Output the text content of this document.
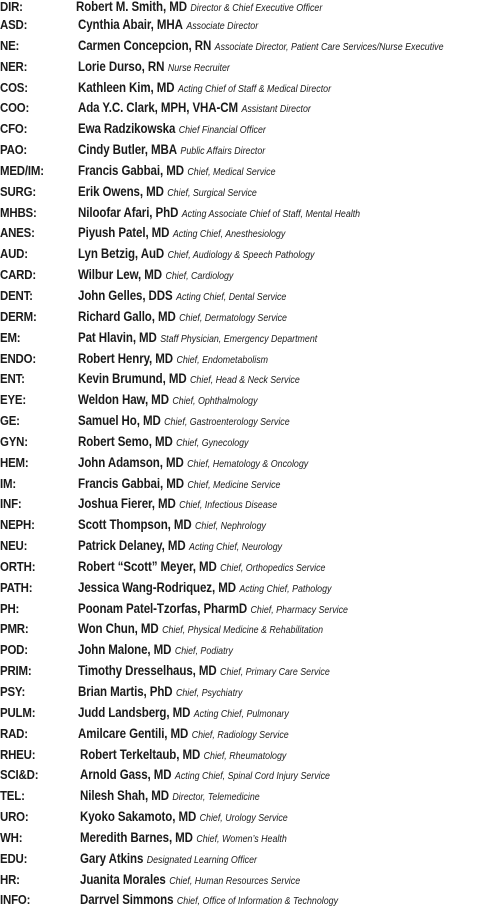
DIR:	Robert M. Smith, MD Director & Chief Executive Officer
ASD:	Cynthia Abair, MHA Associate Director
NE:	Carmen Concepcion, RN Associate Director, Patient Care Services/Nurse Executive
NER:	Lorie Durso, RN Nurse Recruiter
COS:	Kathleen Kim, MD Acting Chief of Staff & Medical Director
COO:	Ada Y.C. Clark, MPH, VHA-CM Assistant Director
CFO:	Ewa Radzikowska Chief Financial Officer
PAO:	Cindy Butler, MBA Public Affairs Director
MED/IM:	Francis Gabbai, MD Chief, Medical Service
SURG:	Erik Owens, MD Chief, Surgical Service
MHBS:	Niloofar Afari, PhD Acting Associate Chief of Staff, Mental Health
ANES:	Piyush Patel, MD Acting Chief, Anesthesiology
AUD:	Lyn Betzig, AuD Chief, Audiology & Speech Pathology
CARD:	Wilbur Lew, MD Chief, Cardiology
DENT:	John Gelles, DDS Acting Chief, Dental Service
DERM:	Richard Gallo, MD Chief, Dermatology Service
EM:	Pat Hlavin, MD Staff Physician, Emergency Department
ENDO:	Robert Henry, MD Chief, Endometabolism
ENT:	Kevin Brumund, MD Chief, Head & Neck Service
EYE:	Weldon Haw, MD Chief, Ophthalmology
GE:	Samuel Ho, MD Chief, Gastroenterology Service
GYN:	Robert Semo, MD Chief, Gynecology
HEM:	John Adamson, MD Chief, Hematology & Oncology
IM:	Francis Gabbai, MD Chief, Medicine Service
INF:	Joshua Fierer, MD Chief, Infectious Disease
NEPH:	Scott Thompson, MD Chief, Nephrology
NEU:	Patrick Delaney, MD Acting Chief, Neurology
ORTH:	Robert “Scott” Meyer, MD Chief, Orthopedics Service
PATH:	Jessica Wang-Rodriquez, MD Acting Chief, Pathology
PH:	Poonam Patel-Tzorfas, PharmD Chief, Pharmacy Service
PMR:	Won Chun, MD Chief, Physical Medicine & Rehabilitation
POD:	John Malone, MD Chief, Podiatry
PRIM:	Timothy Dresselhaus, MD Chief, Primary Care Service
PSY:	Brian Martis, PhD Chief, Psychiatry
PULM:	Judd Landsberg, MD Acting Chief, Pulmonary
RAD:	Amilcare Gentili, MD Chief, Radiology Service
RHEU:	Robert Terkeltaub, MD Chief, Rheumatology
SCI&D:	Arnold Gass, MD Acting Chief, Spinal Cord Injury Service
TEL:	Nilesh Shah, MD Director, Telemedicine
URO:	Kyoko Sakamoto, MD Chief, Urology Service
WH:	Meredith Barnes, MD Chief, Women’s Health
EDU:	Gary Atkins Designated Learning Officer
HR:	Juanita Morales Chief, Human Resources Service
INFO:	Darrvel Simmons Chief, Office of Information & Technology
